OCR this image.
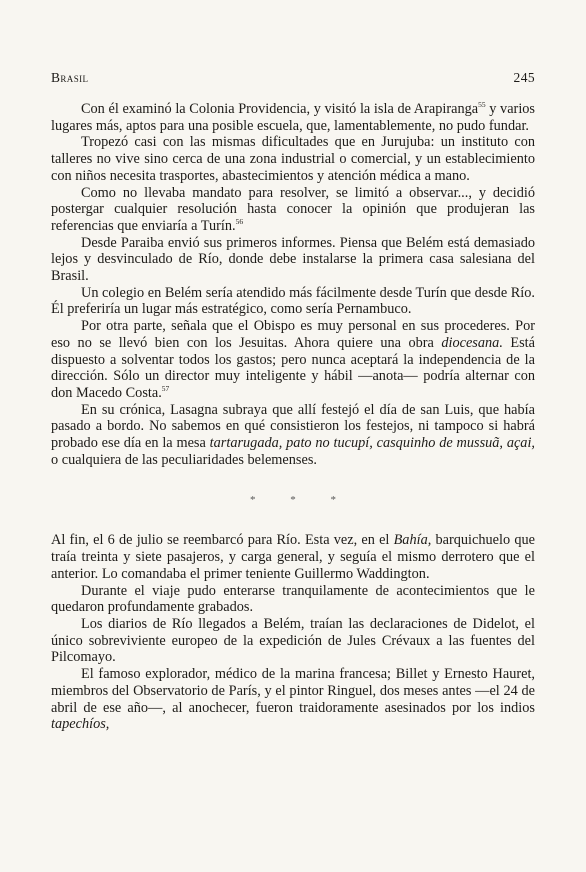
Brasil	245

Con él examinó la Colonia Providencia, y visitó la isla de Arapiranga$^{55}$ y varios lugares más, aptos para una posible escuela, que, lamentablemente, no pudo fundar.

Tropezó casi con las mismas dificultades que en Jurujuba: un instituto con talleres no vive sino cerca de una zona industrial o comercial, y un establecimiento con niños necesita trasportes, abastecimientos y atención médica a mano.

Como no llevaba mandato para resolver, se limitó a observar..., y decidió postergar cualquier resolución hasta conocer la opinión que produjeran las referencias que enviaría a Turín.$^{56}$

Desde Paraiba envió sus primeros informes. Piensa que Belém está demasiado lejos y desvinculado de Río, donde debe instalarse la primera casa salesiana del Brasil.

Un colegio en Belém sería atendido más fácilmente desde Turín que desde Río. Él preferiría un lugar más estratégico, como sería Pernambuco.

Por otra parte, señala que el Obispo es muy personal en sus procederes. Por eso no se llevó bien con los Jesuitas. Ahora quiere una obra diocesana. Está dispuesto a solventar todos los gastos; pero nunca aceptará la independencia de la dirección. Sólo un director muy inteligente y hábil —anota— podría alternar con don Macedo Costa.$^{57}$

En su crónica, Lasagna subraya que allí festejó el día de san Luis, que había pasado a bordo. No sabemos en qué consistieron los festejos, ni tampoco si habrá probado ese día en la mesa tartarugada, pato no tucupí, casquinho de mussuã, açai, o cualquiera de las peculiaridades belemenses.

* * *

Al fin, el 6 de julio se reembarcó para Río. Esta vez, en el Bahía, barquichuelo que traía treinta y siete pasajeros, y carga general, y seguía el mismo derrotero que el anterior. Lo comandaba el primer teniente Guillermo Waddington.

Durante el viaje pudo enterarse tranquilamente de acontecimientos que le quedaron profundamente grabados.

Los diarios de Río llegados a Belém, traían las declaraciones de Didelot, el único sobreviviente europeo de la expedición de Jules Crévaux a las fuentes del Pilcomayo.

El famoso explorador, médico de la marina francesa; Billet y Ernesto Hauret, miembros del Observatorio de París, y el pintor Ringuel, dos meses antes —el 24 de abril de ese año—, al anochecer, fueron traidoramente asesinados por los indios tapechíos,
